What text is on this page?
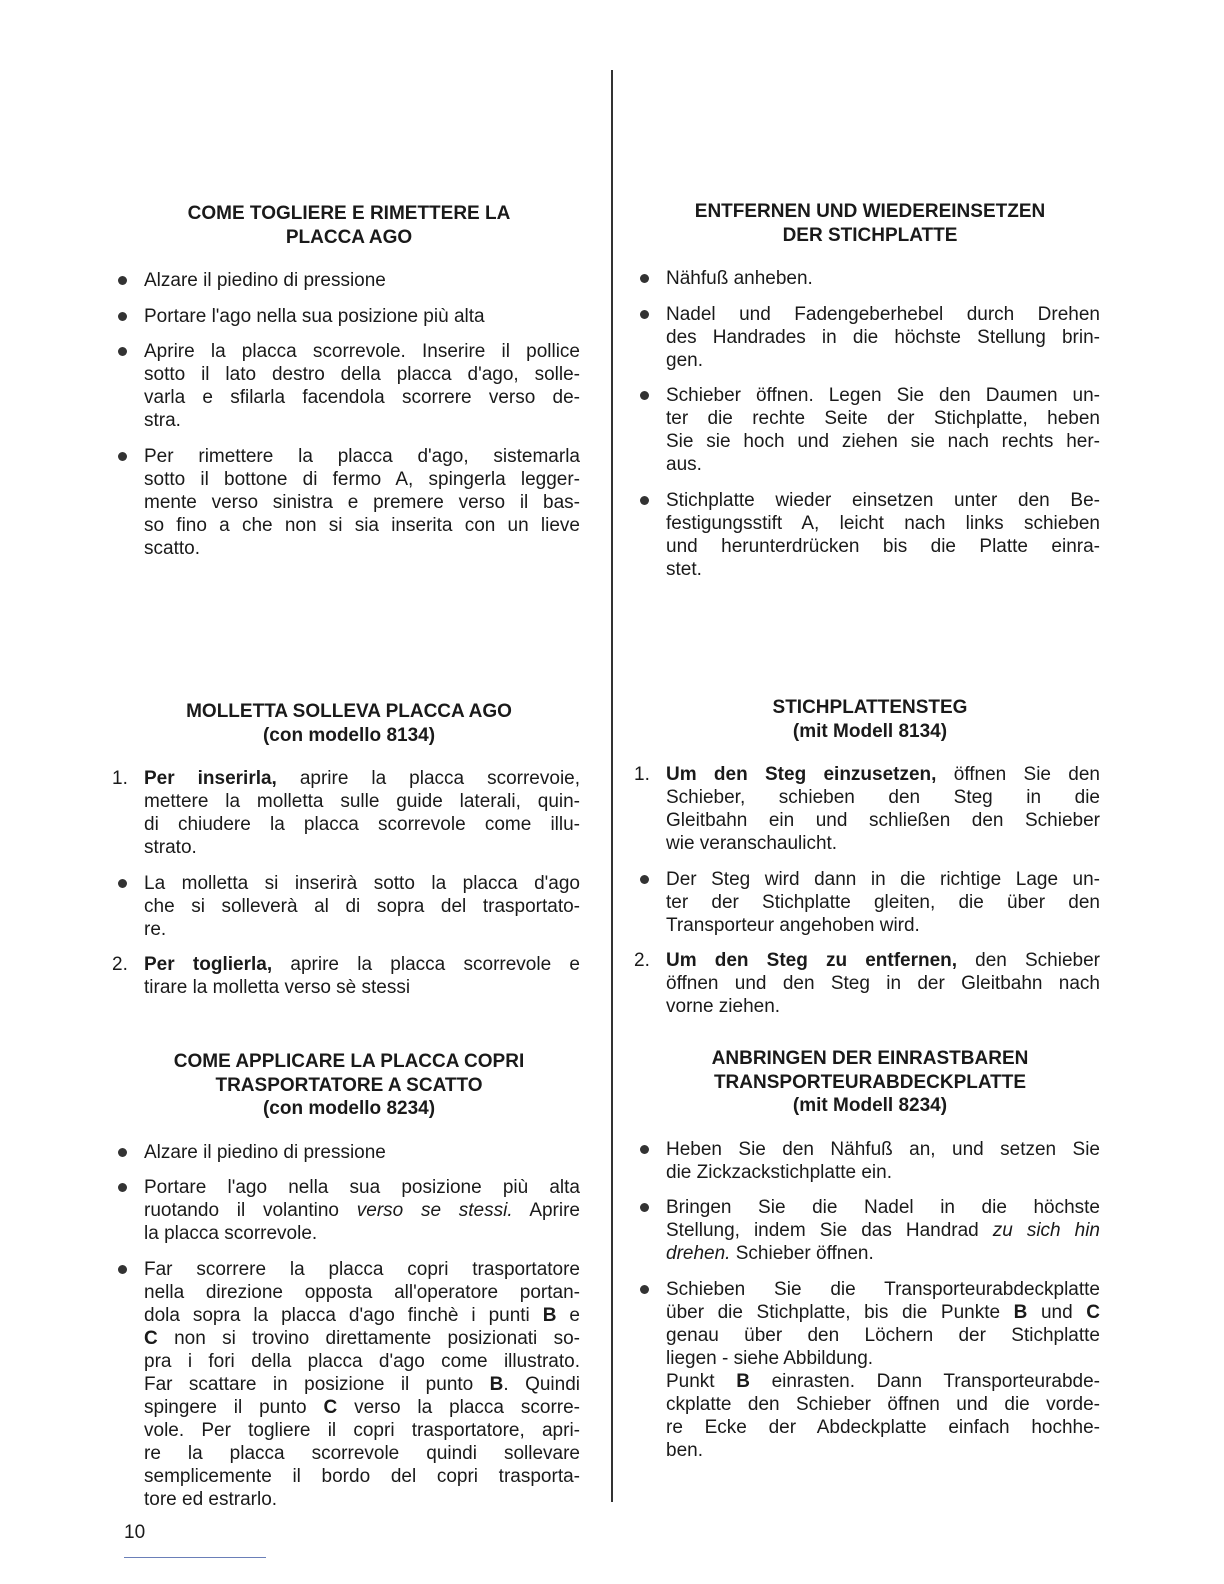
COME TOGLIERE E RIMETTERE LA
PLACCA AGO
Alzare il piedino di pressione
Portare l'ago nella sua posizione più alta
Aprire la placca scorrevole. Inserire il pollice
sotto il lato destro della placca d'ago, solle-
varla e sfilarla facendola scorrere verso de-
stra.
Per rimettere la placca d'ago, sistemarla
sotto il bottone di fermo A, spingerla legger-
mente verso sinistra e premere verso il bas-
so fino a che non si sia inserita con un lieve
scatto.
MOLLETTA SOLLEVA PLACCA AGO
(con modello 8134)
1. Per inserirla, aprire la placca scorrevoie,
mettere la molletta sulle guide laterali, quin-
di chiudere la placca scorrevole come illu-
strato.
La molletta si inserirà sotto la placca d'ago
che si solleverà al di sopra del trasportato-
re.
2. Per toglierla, aprire la placca scorrevole e
tirare la molletta verso sè stessi
COME APPLICARE LA PLACCA COPRI
TRASPORTATORE A SCATTO
(con modello 8234)
Alzare il piedino di pressione
Portare l'ago nella sua posizione più alta
ruotando il volantino verso se stessi. Aprire
la placca scorrevole.
Far scorrere la placca copri trasportatore
nella direzione opposta all'operatore portan-
dola sopra la placca d'ago finchè i punti B e
C non si trovino direttamente posizionati so-
pra i fori della placca d'ago come illustrato.
Far scattare in posizione il punto B. Quindi
spingere il punto C verso la placca scorre-
vole. Per togliere il copri trasportatore, apri-
re la placca scorrevole quindi sollevare
semplicemente il bordo del copri trasporta-
tore ed estrarlo.
ENTFERNEN UND WIEDEREINSETZEN
DER STICHPLATTE
Nähfuß anheben.
Nadel und Fadengeberhebel durch Drehen
des Handrades in die höchste Stellung brin-
gen.
Schieber öffnen. Legen Sie den Daumen un-
ter die rechte Seite der Stichplatte, heben
Sie sie hoch und ziehen sie nach rechts her-
aus.
Stichplatte wieder einsetzen unter den Be-
festigungsstift A, leicht nach links schieben
und herunterdrücken bis die Platte einra-
stet.
STICHPLATTENSTEG
(mit Modell 8134)
1. Um den Steg einzusetzen, öffnen Sie den
Schieber, schieben den Steg in die
Gleitbahn ein und schließen den Schieber
wie veranschaulicht.
Der Steg wird dann in die richtige Lage un-
ter der Stichplatte gleiten, die über den
Transporteur angehoben wird.
2. Um den Steg zu entfernen, den Schieber
öffnen und den Steg in der Gleitbahn nach
vorne ziehen.
ANBRINGEN DER EINRASTBAREN
TRANSPORTEURABDECKPLATTE
(mit Modell 8234)
Heben Sie den Nähfuß an, und setzen Sie
die Zickzackstichplatte ein.
Bringen Sie die Nadel in die höchste
Stellung, indem Sie das Handrad zu sich hin
drehen. Schieber öffnen.
Schieben Sie die Transporteurabdeckplatte
über die Stichplatte, bis die Punkte B und C
genau über den Löchern der Stichplatte
liegen - siehe Abbildung.
Punkt B einrasten. Dann Transporteurabde-
ckplatte den Schieber öffnen und die vorde-
re Ecke der Abdeckplatte einfach hochhe-
ben.
10
